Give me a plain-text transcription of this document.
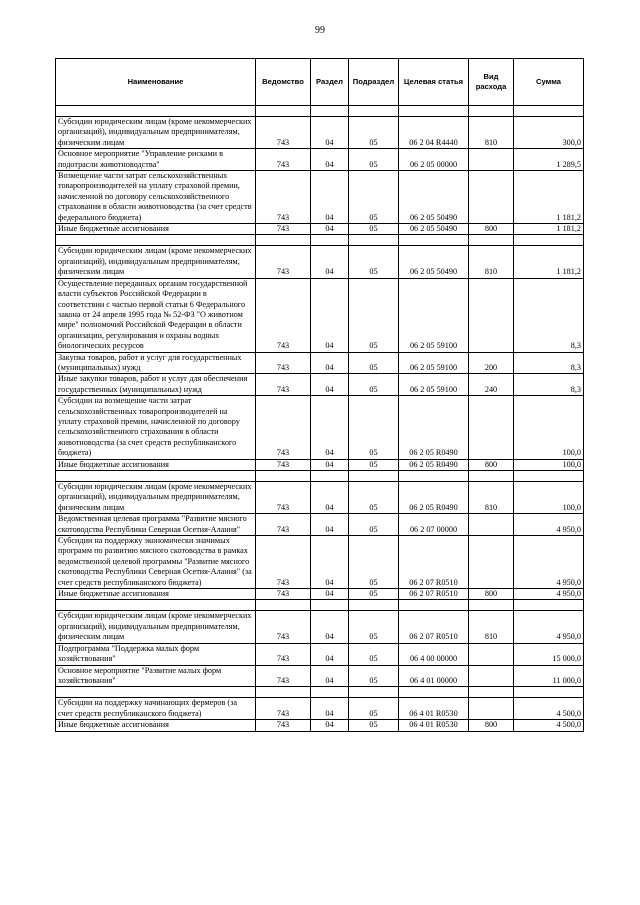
99
Наименование	Ведомство	Раздел	Подраздел	Целевая статья	Вид расхода	Сумма

Субсидии юридическим лицам (кроме некоммерческих организаций), индивидуальным предпринимателям, физическим лицам	743	04	05	06 2 04 R4440	810	300,0
Основное мероприятие "Управление рисками в подотрасли животноводства"	743	04	05	06 2 05 00000		1 289,5
Возмещение части затрат сельскохозяйственных товаропроизводителей на уплату страховой премии, начисленной по договору сельскохозяйственного страхования в области животноводства (за счет средств федерального бюджета)	743	04	05	06 2 05 50490		1 181,2
Иные бюджетные ассигнования	743	04	05	06 2 05 50490	800	1 181,2

Субсидии юридическим лицам (кроме некоммерческих организаций), индивидуальным предпринимателям, физическим лицам	743	04	05	06 2 05 50490	810	1 181,2
Осуществление переданных органам государственной власти субъектов Российской Федерации в соответствии с частью первой статьи 6 Федерального закона от 24 апреля 1995 года № 52-ФЗ "О животном мире" полномочий Российской Федерации в области организации, регулирования и охраны водных биологических ресурсов	743	04	05	06 2 05 59100		8,3
Закупка товаров, работ и услуг для государственных (муниципальных) нужд	743	04	05	06 2 05 59100	200	8,3
Иные закупки товаров, работ и услуг для обеспечения государственных (муниципальных) нужд	743	04	05	06 2 05 59100	240	8,3
Субсидии на возмещение части затрат сельскохозяйственных товаропроизводителей на уплату страховой премии, начисленной по договору сельскохозяйственного страхования в области животноводства (за счет средств республиканского бюджета)	743	04	05	06 2 05 R0490		100,0
Иные бюджетные ассигнования	743	04	05	06 2 05 R0490	800	100,0

Субсидии юридическим лицам (кроме некоммерческих организаций), индивидуальным предпринимателям, физическим лицам	743	04	05	06 2 05 R0490	810	100,0
Ведомственная целевая программа "Развитие мясного скотоводства Республики Северная Осетия-Алания"	743	04	05	06 2 07 00000		4 950,0
Субсидии на поддержку экономически значимых программ по развитию мясного скотоводства в рамках ведомственной целевой программы "Развитие мясного скотоводства Республики Северная Осетия-Алания" (за счет средств республиканского бюджета)	743	04	05	06 2 07 R0510		4 950,0
Иные бюджетные ассигнования	743	04	05	06 2 07 R0510	800	4 950,0

Субсидии юридическим лицам (кроме некоммерческих организаций), индивидуальным предпринимателям, физическим лицам	743	04	05	06 2 07 R0510	810	4 950,0
Подпрограмма "Поддержка малых форм хозяйствования"	743	04	05	06 4 00 00000		15 000,0
Основное мероприятие "Развитие малых форм хозяйствования"	743	04	05	06 4 01 00000		11 000,0

Субсидии на поддержку начинающих фермеров (за счет средств республиканского бюджета)	743	04	05	06 4 01 R0530		4 500,0
Иные бюджетные ассигнования	743	04	05	06 4 01 R0530	800	4 500,0
